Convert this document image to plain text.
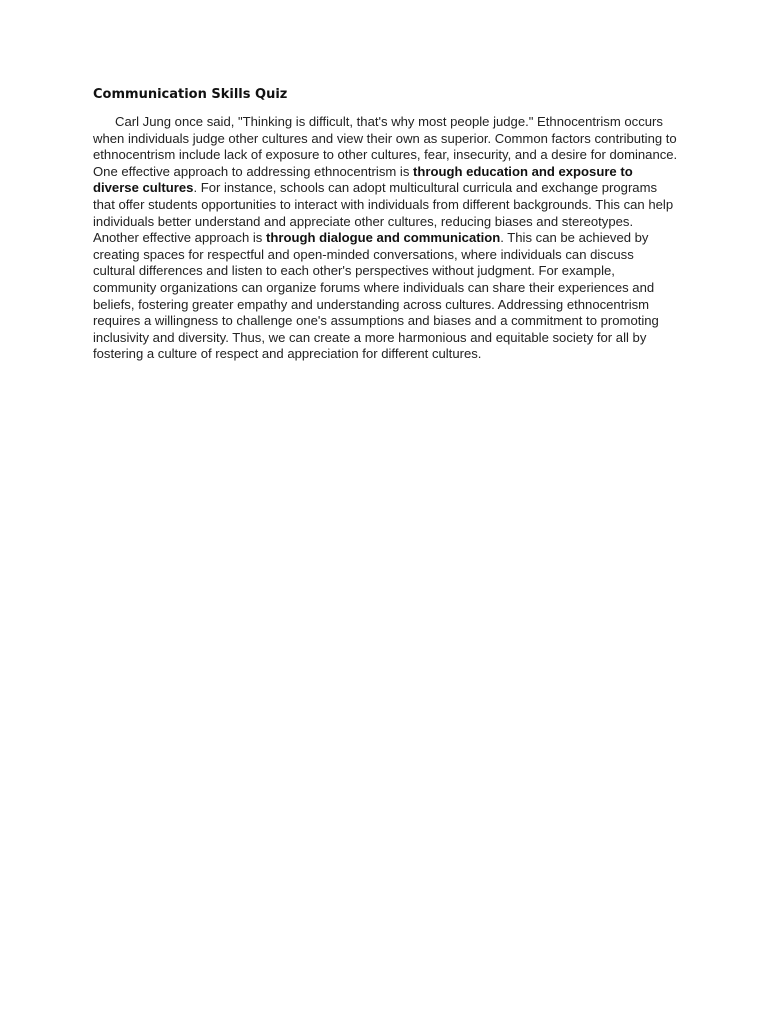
Communication Skills Quiz

Carl Jung once said, "Thinking is difficult, that's why most people judge." Ethnocentrism occurs when individuals judge other cultures and view their own as superior. Common factors contributing to ethnocentrism include lack of exposure to other cultures, fear, insecurity, and a desire for dominance. One effective approach to addressing ethnocentrism is through education and exposure to diverse cultures. For instance, schools can adopt multicultural curricula and exchange programs that offer students opportunities to interact with individuals from different backgrounds. This can help individuals better understand and appreciate other cultures, reducing biases and stereotypes. Another effective approach is through dialogue and communication. This can be achieved by creating spaces for respectful and open-minded conversations, where individuals can discuss cultural differences and listen to each other's perspectives without judgment. For example, community organizations can organize forums where individuals can share their experiences and beliefs, fostering greater empathy and understanding across cultures. Addressing ethnocentrism requires a willingness to challenge one's assumptions and biases and a commitment to promoting inclusivity and diversity. Thus, we can create a more harmonious and equitable society for all by fostering a culture of respect and appreciation for different cultures.
